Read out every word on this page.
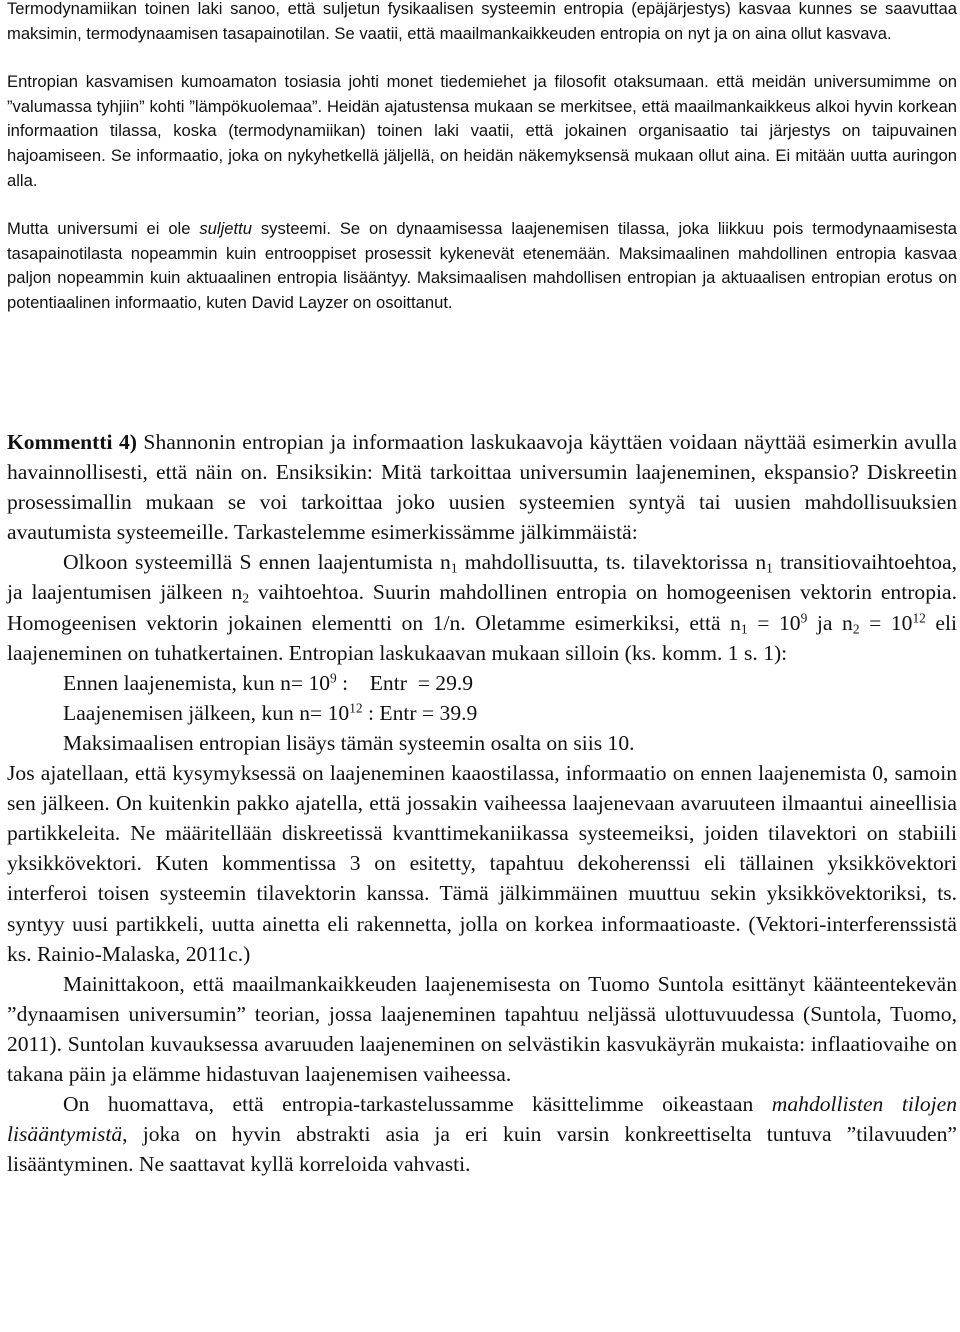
Termodynamiikan toinen laki sanoo, että suljetun fysikaalisen systeemin entropia (epäjärjestys) kasvaa kunnes se saavuttaa maksimin, termodynaamisen tasapainotilan. Se vaatii, että maailmankaikkeuden entropia on nyt ja on aina ollut kasvava.

Entropian kasvamisen kumoamaton tosiasia johti monet tiedemiehet ja filosofit otaksumaan. että meidän universumimme on ”valumassa tyhjiin” kohti ”lämpökuolemaa”. Heidän ajatustensa mukaan se merkitsee, että maailmankaikkeus alkoi hyvin korkean informaation tilassa, koska (termodynamiikan) toinen laki vaatii, että jokainen organisaatio tai järjestys on taipuvainen hajoamiseen. Se informaatio, joka on nykyhetkellä jäljellä, on heidän näkemyksensä mukaan ollut aina. Ei mitään uutta auringon alla.

Mutta universumi ei ole suljettu systeemi. Se on dynaamisessa laajenemisen tilassa, joka liikkuu pois termodynaamisesta tasapainotilasta nopeammin kuin entrooppiset prosessit kykenevät etenemään. Maksimaalinen mahdollinen entropia kasvaa paljon nopeammin kuin aktuaalinen entropia lisääntyy. Maksimaalisen mahdollisen entropian ja aktuaalisen entropian erotus on potentiaalinen informaatio, kuten David Layzer on osoittanut.

Kommentti 4) Shannonin entropian ja informaation laskukaavoja käyttäen voidaan näyttää esimerkin avulla havainnollisesti, että näin on. Ensiksikin: Mitä tarkoittaa universumin laajeneminen, ekspansio? Diskreetin prosessimallin mukaan se voi tarkoittaa joko uusien systeemien syntyä tai uusien mahdollisuuksien avautumista systeemeille. Tarkastelemme esimerkissämme jälkimmäistä:

Olkoon systeemillä S ennen laajentumista $n_1$ mahdollisuutta, ts. tilavektorissa $n_1$ transitiovaihtoehtoa, ja laajentumisen jälkeen $n_2$ vaihtoehtoa. Suurin mahdollinen entropia on homogeenisen vektorin entropia. Homogeenisen vektorin jokainen elementti on 1/n. Oletamme esimerkiksi, että $n_1 = 10^9$ ja $n_2 = 10^{12}$ eli laajeneminen on tuhatkertainen. Entropian laskukaavan mukaan silloin (ks. komm. 1 s. 1):

Ennen laajenemista, kun $n= 10^9$ :    Entr  = 29.9

Laajenemisen jälkeen, kun $n= 10^{12}$ : Entr = 39.9

Maksimaalisen entropian lisäys tämän systeemin osalta on siis 10.

Jos ajatellaan, että kysymyksessä on laajeneminen kaaostilassa, informaatio on ennen laajenemista 0, samoin sen jälkeen. On kuitenkin pakko ajatella, että jossakin vaiheessa laajenevaan avaruuteen ilmaantui aineellisia partikkeleita. Ne määritellään diskreetissä kvanttimekaniikassa systeemeiksi, joiden tilavektori on stabiili yksikkövektori. Kuten kommentissa 3 on esitetty, tapahtuu dekoherenssi eli tällainen yksikkövektori interferoi toisen systeemin tilavektorin kanssa. Tämä jälkimmäinen muuttuu sekin yksikkövektoriksi, ts. syntyy uusi partikkeli, uutta ainetta eli rakennetta, jolla on korkea informaatioaste. (Vektori-interferenssistä ks. Rainio-Malaska, 2011c.)

Mainittakoon, että maailmankaikkeuden laajenemisesta on Tuomo Suntola esittänyt käänteentekevän ”dynaamisen universumin” teorian, jossa laajeneminen tapahtuu neljässä ulottuvuudessa (Suntola, Tuomo, 2011). Suntolan kuvauksessa avaruuden laajeneminen on selvästikin kasvukäyrän mukaista: inflaatiovaihe on takana päin ja elämme hidastuvan laajenemisen vaiheessa.

On huomattava, että entropia-tarkastelussamme käsittelimme oikeastaan mahdollisten tilojen lisääntymistä, joka on hyvin abstrakti asia ja eri kuin varsin konkreettiselta tuntuva ”tilavuuden” lisääntyminen. Ne saattavat kyllä korreloida vahvasti.
